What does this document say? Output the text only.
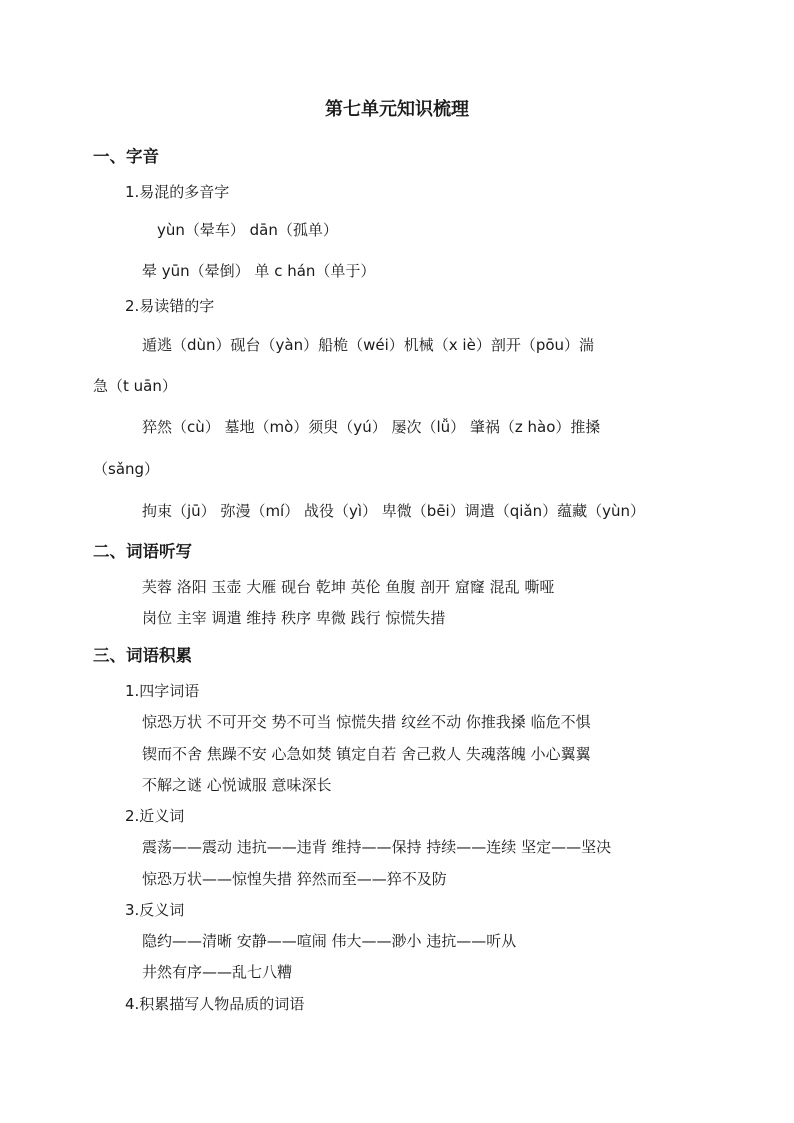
第七单元知识梳理
一、字音
1.易混的多音字
yùn（晕车） dān（孤单）
晕 yūn（晕倒） 单 c hán（单于）
2.易读错的字
遁逃（dùn）砚台（yàn）船桅（wéi）机械（x iè）剖开（pōu）湍
急（t uān）
猝然（cù） 墓地（mò）须臾（yú） 屡次（lǚ） 肇祸（z hào）推搡
（sǎng）
拘束（jū） 弥漫（mí） 战役（yì） 卑微（bēi）调遣（qiǎn）蕴藏（yùn）
二、词语听写
芙蓉 洛阳 玉壶 大雁 砚台 乾坤 英伦 鱼腹 剖开 窟窿 混乱 嘶哑
岗位 主宰 调遣 维持 秩序 卑微 践行 惊慌失措
三、词语积累
1.四字词语
惊恐万状 不可开交 势不可当 惊慌失措 纹丝不动 你推我搡 临危不惧
锲而不舍 焦躁不安 心急如焚 镇定自若 舍己救人 失魂落魄 小心翼翼
不解之谜 心悦诚服 意味深长
2.近义词
震荡——震动 违抗——违背 维持——保持 持续——连续 坚定——坚决
惊恐万状——惊惶失措 猝然而至——猝不及防
3.反义词
隐约——清晰 安静——喧闹 伟大——渺小 违抗——听从
井然有序——乱七八糟
4.积累描写人物品质的词语
